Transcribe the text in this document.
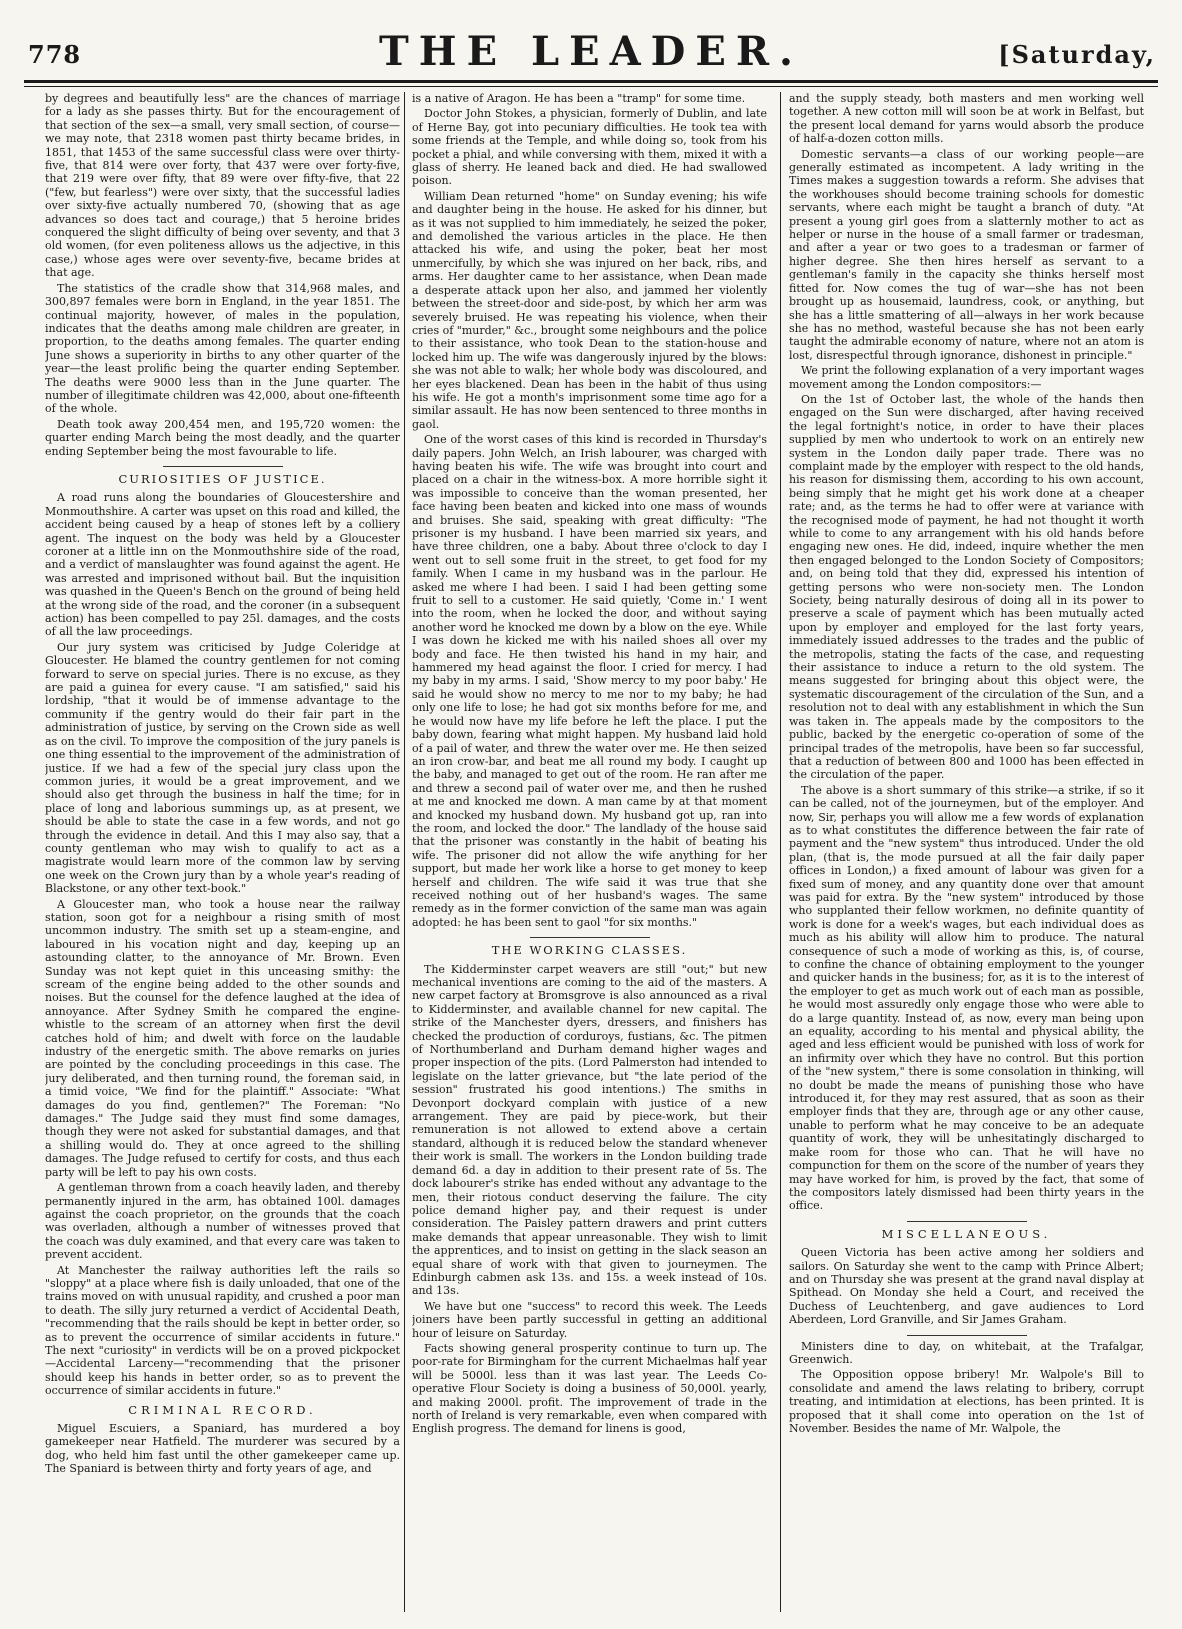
778	THE LEADER.	[Saturday,

by degrees and beautifully less" are the chances of marriage for a lady as she passes thirty. But for the encouragement of that section of the sex—a small, very small section, of course—we may note, that 2318 women past thirty became brides, in 1851, that 1453 of the same successful class were over thirty-five, that 814 were over forty, that 437 were over forty-five, that 219 were over fifty, that 89 were over fifty-five, that 22 ("few, but fearless") were over sixty, that the successful ladies over sixty-five actually numbered 70, (showing that as age advances so does tact and courage,) that 5 heroine brides conquered the slight difficulty of being over seventy, and that 3 old women, (for even politeness allows us the adjective, in this case,) whose ages were over seventy-five, became brides at that age.

The statistics of the cradle show that 314,968 males, and 300,897 females were born in England, in the year 1851. The continual majority, however, of males in the population, indicates that the deaths among male children are greater, in proportion, to the deaths among females. The quarter ending June shows a superiority in births to any other quarter of the year—the least prolific being the quarter ending September. The deaths were 9000 less than in the June quarter. The number of illegitimate children was 42,000, about one-fifteenth of the whole.

Death took away 200,454 men, and 195,720 women: the quarter ending March being the most deadly, and the quarter ending September being the most favourable to life.

CURIOSITIES OF JUSTICE.

A road runs along the boundaries of Gloucestershire and Monmouthshire. A carter was upset on this road and killed, the accident being caused by a heap of stones left by a colliery agent. The inquest on the body was held by a Gloucester coroner at a little inn on the Monmouthshire side of the road, and a verdict of manslaughter was found against the agent. He was arrested and imprisoned without bail. But the inquisition was quashed in the Queen's Bench on the ground of being held at the wrong side of the road, and the coroner (in a subsequent action) has been compelled to pay 25l. damages, and the costs of all the law proceedings.

Our jury system was criticised by Judge Coleridge at Gloucester. He blamed the country gentlemen for not coming forward to serve on special juries. There is no excuse, as they are paid a guinea for every cause. "I am satisfied," said his lordship, "that it would be of immense advantage to the community if the gentry would do their fair part in the administration of justice, by serving on the Crown side as well as on the civil. To improve the composition of the jury panels is one thing essential to the improvement of the administration of justice. If we had a few of the special jury class upon the common juries, it would be a great improvement, and we should also get through the business in half the time; for in place of long and laborious summings up, as at present, we should be able to state the case in a few words, and not go through the evidence in detail. And this I may also say, that a county gentleman who may wish to qualify to act as a magistrate would learn more of the common law by serving one week on the Crown jury than by a whole year's reading of Blackstone, or any other text-book."

A Gloucester man, who took a house near the railway station, soon got for a neighbour a rising smith of most uncommon industry. The smith set up a steam-engine, and laboured in his vocation night and day, keeping up an astounding clatter, to the annoyance of Mr. Brown. Even Sunday was not kept quiet in this unceasing smithy: the scream of the engine being added to the other sounds and noises. But the counsel for the defence laughed at the idea of annoyance. After Sydney Smith he compared the engine-whistle to the scream of an attorney when first the devil catches hold of him; and dwelt with force on the laudable industry of the energetic smith. The above remarks on juries are pointed by the concluding proceedings in this case. The jury deliberated, and then turning round, the foreman said, in a timid voice, "We find for the plaintiff." Associate: "What damages do you find, gentlemen?" The Foreman: "No damages." The Judge said they must find some damages, though they were not asked for substantial damages, and that a shilling would do. They at once agreed to the shilling damages. The Judge refused to certify for costs, and thus each party will be left to pay his own costs.

A gentleman thrown from a coach heavily laden, and thereby permanently injured in the arm, has obtained 100l. damages against the coach proprietor, on the grounds that the coach was overladen, although a number of witnesses proved that the coach was duly examined, and that every care was taken to prevent accident.

At Manchester the railway authorities left the rails so "sloppy" at a place where fish is daily unloaded, that one of the trains moved on with unusual rapidity, and crushed a poor man to death. The silly jury returned a verdict of Accidental Death, "recommending that the rails should be kept in better order, so as to prevent the occurrence of similar accidents in future." The next "curiosity" in verdicts will be on a proved pickpocket—Accidental Larceny—"recommending that the prisoner should keep his hands in better order, so as to prevent the occurrence of similar accidents in future."

CRIMINAL RECORD.

Miguel Escuiers, a Spaniard, has murdered a boy gamekeeper near Hatfield. The murderer was secured by a dog, who held him fast until the other gamekeeper came up. The Spaniard is between thirty and forty years of age, and

is a native of Aragon. He has been a "tramp" for some time.

Doctor John Stokes, a physician, formerly of Dublin, and late of Herne Bay, got into pecuniary difficulties. He took tea with some friends at the Temple, and while doing so, took from his pocket a phial, and while conversing with them, mixed it with a glass of sherry. He leaned back and died. He had swallowed poison.

William Dean returned "home" on Sunday evening; his wife and daughter being in the house. He asked for his dinner, but as it was not supplied to him immediately, he seized the poker, and demolished the various articles in the place. He then attacked his wife, and using the poker, beat her most unmercifully, by which she was injured on her back, ribs, and arms. Her daughter came to her assistance, when Dean made a desperate attack upon her also, and jammed her violently between the street-door and side-post, by which her arm was severely bruised. He was repeating his violence, when their cries of "murder," &c., brought some neighbours and the police to their assistance, who took Dean to the station-house and locked him up. The wife was dangerously injured by the blows: she was not able to walk; her whole body was discoloured, and her eyes blackened. Dean has been in the habit of thus using his wife. He got a month's imprisonment some time ago for a similar assault. He has now been sentenced to three months in gaol.

One of the worst cases of this kind is recorded in Thursday's daily papers. John Welch, an Irish labourer, was charged with having beaten his wife. The wife was brought into court and placed on a chair in the witness-box. A more horrible sight it was impossible to conceive than the woman presented, her face having been beaten and kicked into one mass of wounds and bruises. She said, speaking with great difficulty: "The prisoner is my husband. I have been married six years, and have three children, one a baby. About three o'clock to day I went out to sell some fruit in the street, to get food for my family. When I came in my husband was in the parlour. He asked me where I had been. I said I had been getting some fruit to sell to a customer. He said quietly, 'Come in.' I went into the room, when he locked the door, and without saying another word he knocked me down by a blow on the eye. While I was down he kicked me with his nailed shoes all over my body and face. He then twisted his hand in my hair, and hammered my head against the floor. I cried for mercy. I had my baby in my arms. I said, 'Show mercy to my poor baby.' He said he would show no mercy to me nor to my baby; he had only one life to lose; he had got six months before for me, and he would now have my life before he left the place. I put the baby down, fearing what might happen. My husband laid hold of a pail of water, and threw the water over me. He then seized an iron crow-bar, and beat me all round my body. I caught up the baby, and managed to get out of the room. He ran after me and threw a second pail of water over me, and then he rushed at me and knocked me down. A man came by at that moment and knocked my husband down. My husband got up, ran into the room, and locked the door." The landlady of the house said that the prisoner was constantly in the habit of beating his wife. The prisoner did not allow the wife anything for her support, but made her work like a horse to get money to keep herself and children. The wife said it was true that she received nothing out of her husband's wages. The same remedy as in the former conviction of the same man was again adopted: he has been sent to gaol "for six months."

THE WORKING CLASSES.

The Kidderminster carpet weavers are still "out;" but new mechanical inventions are coming to the aid of the masters. A new carpet factory at Bromsgrove is also announced as a rival to Kidderminster, and available channel for new capital. The strike of the Manchester dyers, dressers, and finishers has checked the production of corduroys, fustians, &c. The pitmen of Northumberland and Durham demand higher wages and proper inspection of the pits. (Lord Palmerston had intended to legislate on the latter grievance, but "the late period of the session" frustrated his good intentions.) The smiths in Devonport dockyard complain with justice of a new arrangement. They are paid by piece-work, but their remuneration is not allowed to extend above a certain standard, although it is reduced below the standard whenever their work is small. The workers in the London building trade demand 6d. a day in addition to their present rate of 5s. The dock labourer's strike has ended without any advantage to the men, their riotous conduct deserving the failure. The city police demand higher pay, and their request is under consideration. The Paisley pattern drawers and print cutters make demands that appear unreasonable. They wish to limit the apprentices, and to insist on getting in the slack season an equal share of work with that given to journeymen. The Edinburgh cabmen ask 13s. and 15s. a week instead of 10s. and 13s.

We have but one "success" to record this week. The Leeds joiners have been partly successful in getting an additional hour of leisure on Saturday.

Facts showing general prosperity continue to turn up. The poor-rate for Birmingham for the current Michaelmas half year will be 5000l. less than it was last year. The Leeds Co-operative Flour Society is doing a business of 50,000l. yearly, and making 2000l. profit. The improvement of trade in the north of Ireland is very remarkable, even when compared with English progress. The demand for linens is good,

and the supply steady, both masters and men working well together. A new cotton mill will soon be at work in Belfast, but the present local demand for yarns would absorb the produce of half-a-dozen cotton mills.

Domestic servants—a class of our working people—are generally estimated as incompetent. A lady writing in the Times makes a suggestion towards a reform. She advises that the workhouses should become training schools for domestic servants, where each might be taught a branch of duty. "At present a young girl goes from a slatternly mother to act as helper or nurse in the house of a small farmer or tradesman, and after a year or two goes to a tradesman or farmer of higher degree. She then hires herself as servant to a gentleman's family in the capacity she thinks herself most fitted for. Now comes the tug of war—she has not been brought up as housemaid, laundress, cook, or anything, but she has a little smattering of all—always in her work because she has no method, wasteful because she has not been early taught the admirable economy of nature, where not an atom is lost, disrespectful through ignorance, dishonest in principle."

We print the following explanation of a very important wages movement among the London compositors:—

On the 1st of October last, the whole of the hands then engaged on the Sun were discharged, after having received the legal fortnight's notice, in order to have their places supplied by men who undertook to work on an entirely new system in the London daily paper trade. There was no complaint made by the employer with respect to the old hands, his reason for dismissing them, according to his own account, being simply that he might get his work done at a cheaper rate; and, as the terms he had to offer were at variance with the recognised mode of payment, he had not thought it worth while to come to any arrangement with his old hands before engaging new ones. He did, indeed, inquire whether the men then engaged belonged to the London Society of Compositors; and, on being told that they did, expressed his intention of getting persons who were non-society men. The London Society, being naturally desirous of doing all in its power to preserve a scale of payment which has been mutually acted upon by employer and employed for the last forty years, immediately issued addresses to the trades and the public of the metropolis, stating the facts of the case, and requesting their assistance to induce a return to the old system. The means suggested for bringing about this object were, the systematic discouragement of the circulation of the Sun, and a resolution not to deal with any establishment in which the Sun was taken in. The appeals made by the compositors to the public, backed by the energetic co-operation of some of the principal trades of the metropolis, have been so far successful, that a reduction of between 800 and 1000 has been effected in the circulation of the paper.

The above is a short summary of this strike—a strike, if so it can be called, not of the journeymen, but of the employer. And now, Sir, perhaps you will allow me a few words of explanation as to what constitutes the difference between the fair rate of payment and the "new system" thus introduced. Under the old plan, (that is, the mode pursued at all the fair daily paper offices in London,) a fixed amount of labour was given for a fixed sum of money, and any quantity done over that amount was paid for extra. By the "new system" introduced by those who supplanted their fellow workmen, no definite quantity of work is done for a week's wages, but each individual does as much as his ability will allow him to produce. The natural consequence of such a mode of working as this, is, of course, to confine the chance of obtaining employment to the younger and quicker hands in the business; for, as it is to the interest of the employer to get as much work out of each man as possible, he would most assuredly only engage those who were able to do a large quantity. Instead of, as now, every man being upon an equality, according to his mental and physical ability, the aged and less efficient would be punished with loss of work for an infirmity over which they have no control. But this portion of the "new system," there is some consolation in thinking, will no doubt be made the means of punishing those who have introduced it, for they may rest assured, that as soon as their employer finds that they are, through age or any other cause, unable to perform what he may conceive to be an adequate quantity of work, they will be unhesitatingly discharged to make room for those who can. That he will have no compunction for them on the score of the number of years they may have worked for him, is proved by the fact, that some of the compositors lately dismissed had been thirty years in the office.

MISCELLANEOUS.

Queen Victoria has been active among her soldiers and sailors. On Saturday she went to the camp with Prince Albert; and on Thursday she was present at the grand naval display at Spithead. On Monday she held a Court, and received the Duchess of Leuchtenberg, and gave audiences to Lord Aberdeen, Lord Granville, and Sir James Graham.

Ministers dine to day, on whitebait, at the Trafalgar, Greenwich.

The Opposition oppose bribery! Mr. Walpole's Bill to consolidate and amend the laws relating to bribery, corrupt treating, and intimidation at elections, has been printed. It is proposed that it shall come into operation on the 1st of November. Besides the name of Mr. Walpole, the
